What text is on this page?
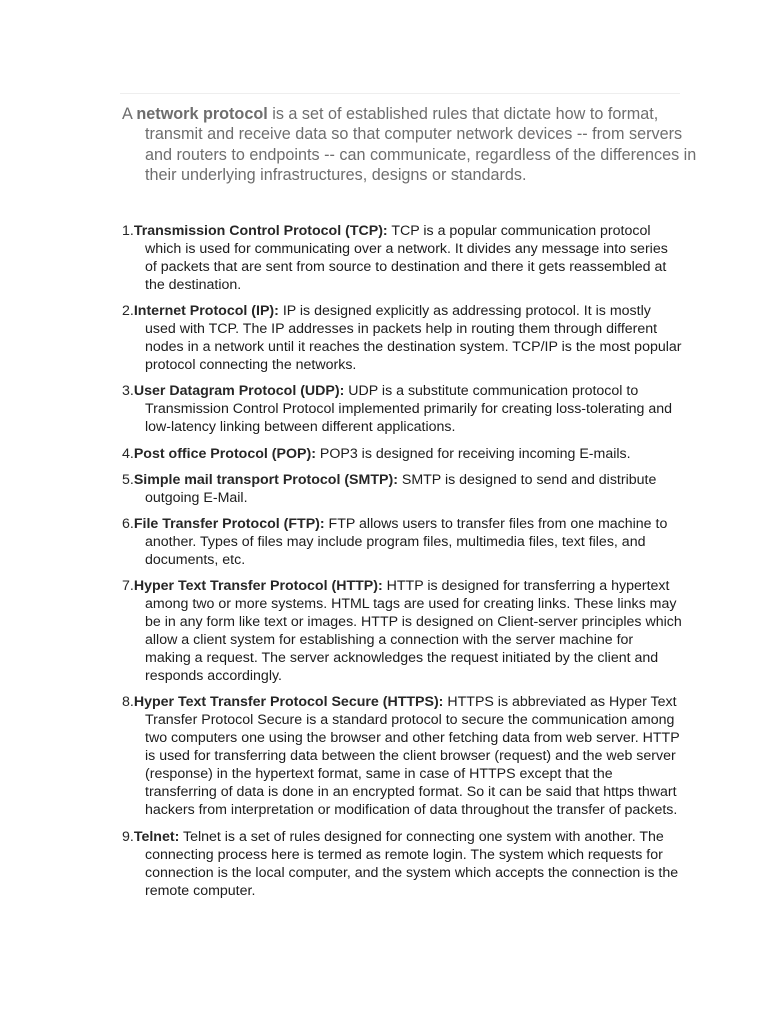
A network protocol is a set of established rules that dictate how to format, transmit and receive data so that computer network devices -- from servers and routers to endpoints -- can communicate, regardless of the differences in their underlying infrastructures, designs or standards.

1.Transmission Control Protocol (TCP): TCP is a popular communication protocol which is used for communicating over a network. It divides any message into series of packets that are sent from source to destination and there it gets reassembled at the destination.
2.Internet Protocol (IP): IP is designed explicitly as addressing protocol. It is mostly used with TCP. The IP addresses in packets help in routing them through different nodes in a network until it reaches the destination system. TCP/IP is the most popular protocol connecting the networks.
3.User Datagram Protocol (UDP): UDP is a substitute communication protocol to Transmission Control Protocol implemented primarily for creating loss-tolerating and low-latency linking between different applications.
4.Post office Protocol (POP): POP3 is designed for receiving incoming E-mails.
5.Simple mail transport Protocol (SMTP): SMTP is designed to send and distribute outgoing E-Mail.
6.File Transfer Protocol (FTP): FTP allows users to transfer files from one machine to another. Types of files may include program files, multimedia files, text files, and documents, etc.
7.Hyper Text Transfer Protocol (HTTP): HTTP is designed for transferring a hypertext among two or more systems. HTML tags are used for creating links. These links may be in any form like text or images. HTTP is designed on Client-server principles which allow a client system for establishing a connection with the server machine for making a request. The server acknowledges the request initiated by the client and responds accordingly.
8.Hyper Text Transfer Protocol Secure (HTTPS): HTTPS is abbreviated as Hyper Text Transfer Protocol Secure is a standard protocol to secure the communication among two computers one using the browser and other fetching data from web server. HTTP is used for transferring data between the client browser (request) and the web server (response) in the hypertext format, same in case of HTTPS except that the transferring of data is done in an encrypted format. So it can be said that https thwart hackers from interpretation or modification of data throughout the transfer of packets.
9.Telnet: Telnet is a set of rules designed for connecting one system with another. The connecting process here is termed as remote login. The system which requests for connection is the local computer, and the system which accepts the connection is the remote computer.
